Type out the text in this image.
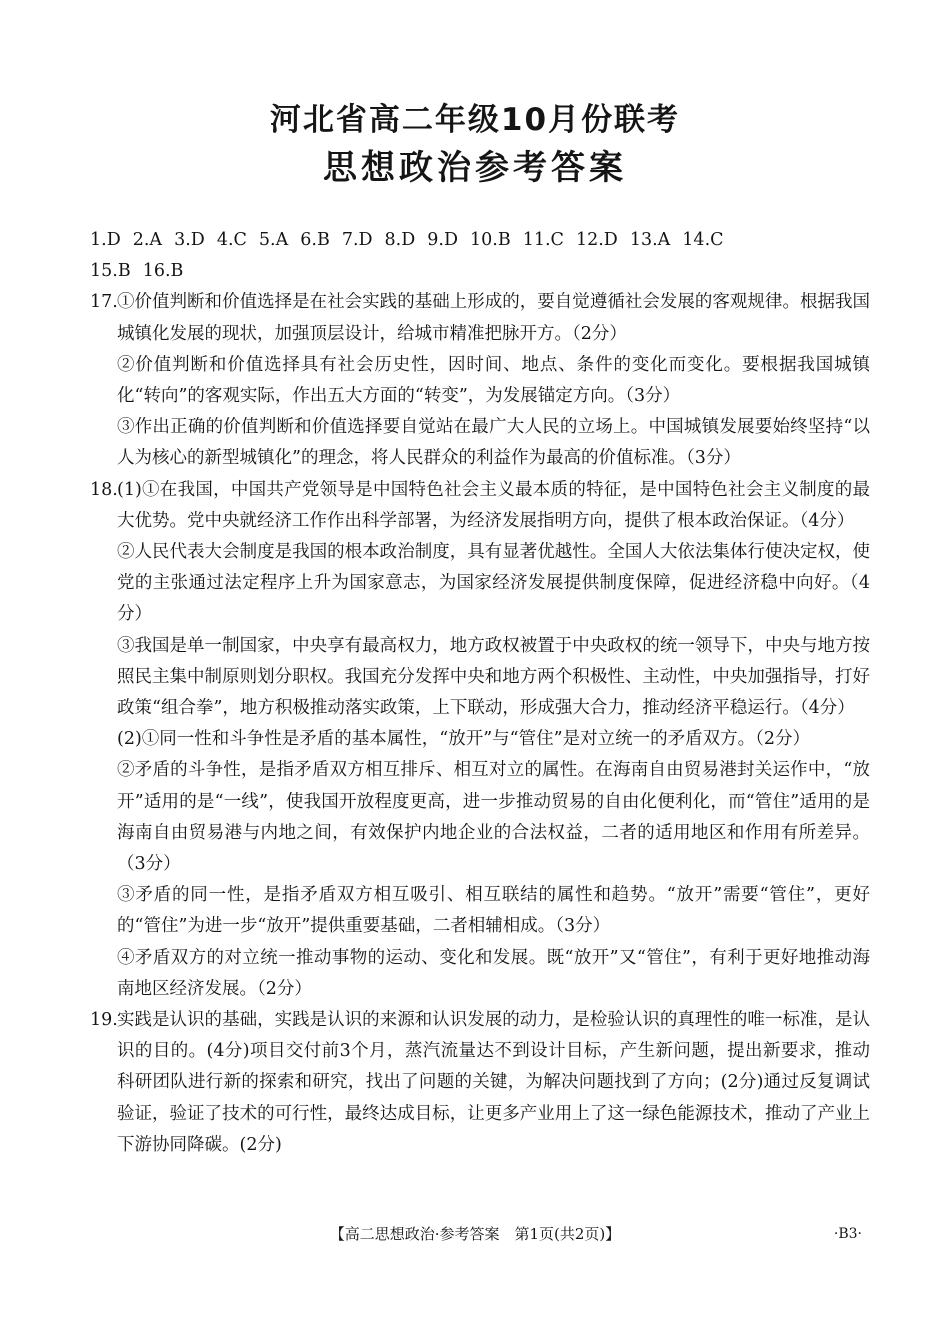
河北省高二年级10月份联考
思想政治参考答案
1.D 2.A 3.D 4.C 5.A 6.B 7.D 8.D 9.D 10.B 11.C 12.D 13.A 14.C
15.B 16.B
17. ①价值判断和价值选择是在社会实践的基础上形成的，要自觉遵循社会发展的客观规律。根据我国城镇化发展的现状，加强顶层设计，给城市精准把脉开方。（2分）

②价值判断和价值选择具有社会历史性，因时间、地点、条件的变化而变化。要根据我国城镇化“转向”的客观实际，作出五大方面的“转变”，为发展锚定方向。（3分）

③作出正确的价值判断和价值选择要自觉站在最广大人民的立场上。中国城镇发展要始终坚持“以人为核心的新型城镇化”的理念，将人民群众的利益作为最高的价值标准。（3分）

18. (1)①在我国，中国共产党领导是中国特色社会主义最本质的特征，是中国特色社会主义制度的最大优势。党中央就经济工作作出科学部署，为经济发展指明方向，提供了根本政治保证。（4分）

②人民代表大会制度是我国的根本政治制度，具有显著优越性。全国人大依法集体行使决定权，使党的主张通过法定程序上升为国家意志，为国家经济发展提供制度保障，促进经济稳中向好。（4分）

③我国是单一制国家，中央享有最高权力，地方政权被置于中央政权的统一领导下，中央与地方按照民主集中制原则划分职权。我国充分发挥中央和地方两个积极性、主动性，中央加强指导，打好政策“组合拳”，地方积极推动落实政策，上下联动，形成强大合力，推动经济平稳运行。（4分）

(2)①同一性和斗争性是矛盾的基本属性，“放开”与“管住”是对立统一的矛盾双方。（2分）

②矛盾的斗争性，是指矛盾双方相互排斥、相互对立的属性。在海南自由贸易港封关运作中，“放开”适用的是“一线”，使我国开放程度更高，进一步推动贸易的自由化便利化，而“管住”适用的是海南自由贸易港与内地之间，有效保护内地企业的合法权益，二者的适用地区和作用有所差异。（3分）

③矛盾的同一性，是指矛盾双方相互吸引、相互联结的属性和趋势。“放开”需要“管住”，更好的“管住”为进一步“放开”提供重要基础，二者相辅相成。（3分）

④矛盾双方的对立统一推动事物的运动、变化和发展。既“放开”又“管住”，有利于更好地推动海南地区经济发展。（2分）

19. 实践是认识的基础，实践是认识的来源和认识发展的动力，是检验认识的真理性的唯一标准，是认识的目的。(4分)项目交付前3个月，蒸汽流量达不到设计目标，产生新问题，提出新要求，推动科研团队进行新的探索和研究，找出了问题的关键，为解决问题找到了方向；(2分)通过反复调试验证，验证了技术的可行性，最终达成目标，让更多产业用上了这一绿色能源技术，推动了产业上下游协同降碳。(2分)

【高二思想政治·参考答案　第1页(共2页)】	·B3·
